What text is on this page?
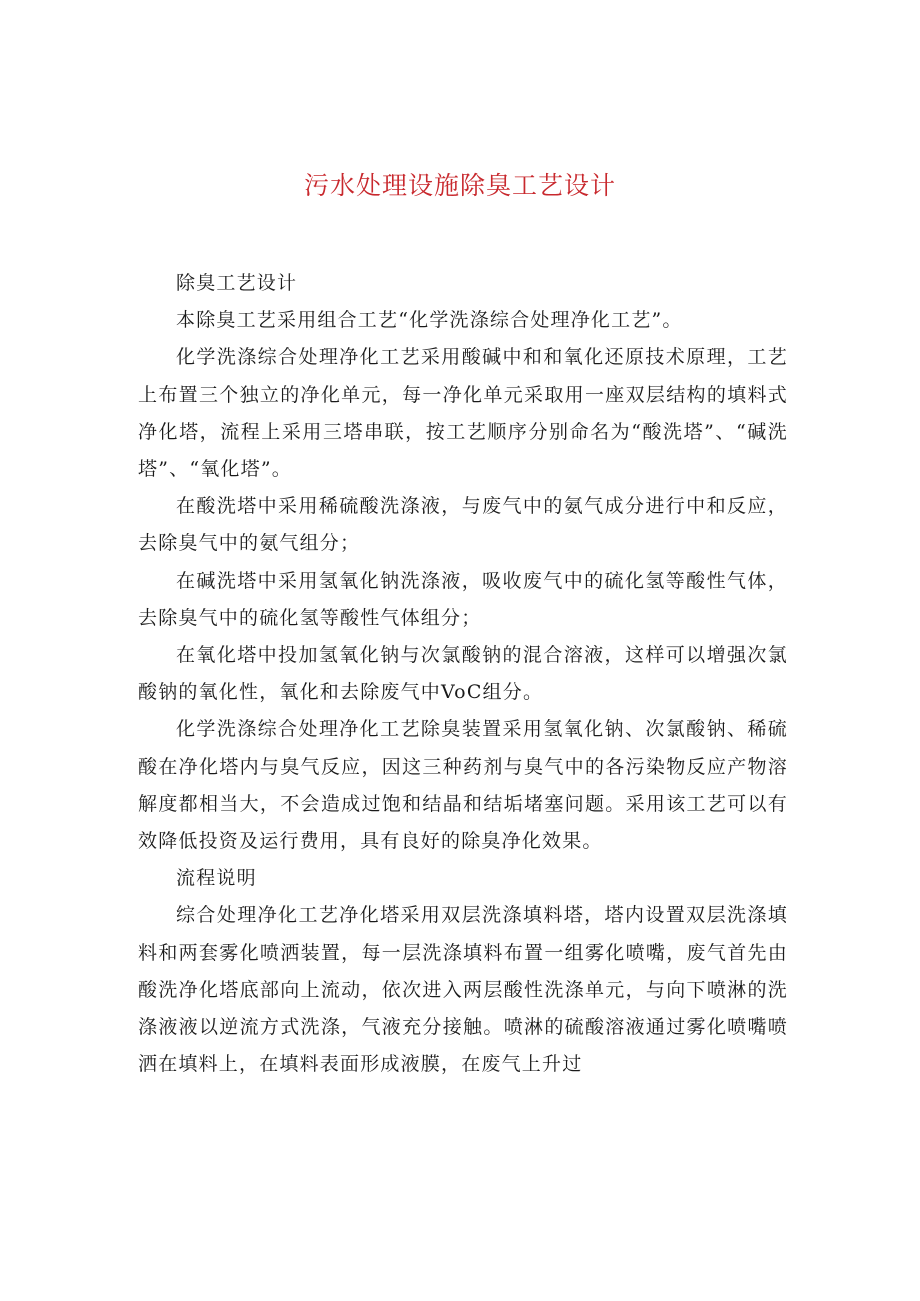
污水处理设施除臭工艺设计

除臭工艺设计

本除臭工艺采用组合工艺“化学洗涤综合处理净化工艺”。

化学洗涤综合处理净化工艺采用酸碱中和和氧化还原技术原理，工艺上布置三个独立的净化单元，每一净化单元采取用一座双层结构的填料式净化塔，流程上采用三塔串联，按工艺顺序分别命名为“酸洗塔”、“碱洗塔”、“氧化塔”。

在酸洗塔中采用稀硫酸洗涤液，与废气中的氨气成分进行中和反应，去除臭气中的氨气组分；

在碱洗塔中采用氢氧化钠洗涤液，吸收废气中的硫化氢等酸性气体，去除臭气中的硫化氢等酸性气体组分；

在氧化塔中投加氢氧化钠与次氯酸钠的混合溶液，这样可以增强次氯酸钠的氧化性，氧化和去除废气中VoC组分。

化学洗涤综合处理净化工艺除臭装置采用氢氧化钠、次氯酸钠、稀硫酸在净化塔内与臭气反应，因这三种药剂与臭气中的各污染物反应产物溶解度都相当大，不会造成过饱和结晶和结垢堵塞问题。采用该工艺可以有效降低投资及运行费用，具有良好的除臭净化效果。

流程说明

综合处理净化工艺净化塔采用双层洗涤填料塔，塔内设置双层洗涤填料和两套雾化喷洒装置，每一层洗涤填料布置一组雾化喷嘴，废气首先由酸洗净化塔底部向上流动，依次进入两层酸性洗涤单元，与向下喷淋的洗涤液液以逆流方式洗涤，气液充分接触。喷淋的硫酸溶液通过雾化喷嘴喷洒在填料上，在填料表面形成液膜，在废气上升过
